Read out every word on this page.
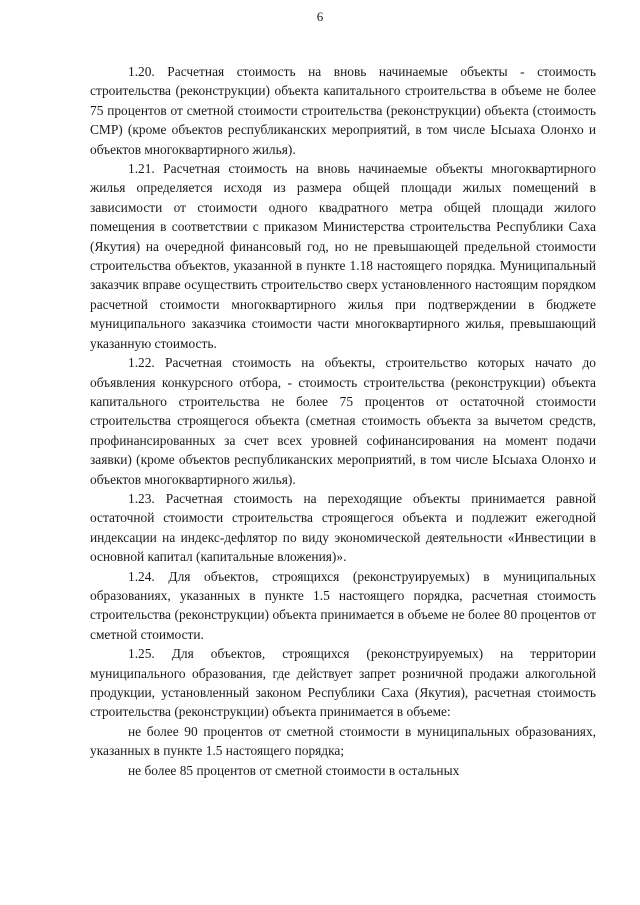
6

1.20. Расчетная стоимость на вновь начинаемые объекты - стоимость строительства (реконструкции) объекта капитального строительства в объеме не более 75 процентов от сметной стоимости строительства (реконструкции) объекта (стоимость СМР) (кроме объектов республиканских мероприятий, в том числе Ысыаха Олонхо и объектов многоквартирного жилья).

1.21. Расчетная стоимость на вновь начинаемые объекты многоквартирного жилья определяется исходя из размера общей площади жилых помещений в зависимости от стоимости одного квадратного метра общей площади жилого помещения в соответствии с приказом Министерства строительства Республики Саха (Якутия) на очередной финансовый год, но не превышающей предельной стоимости строительства объектов, указанной в пункте 1.18 настоящего порядка. Муниципальный заказчик вправе осуществить строительство сверх установленного настоящим порядком расчетной стоимости многоквартирного жилья при подтверждении в бюджете муниципального заказчика стоимости части многоквартирного жилья, превышающий указанную стоимость.

1.22. Расчетная стоимость на объекты, строительство которых начато до объявления конкурсного отбора, - стоимость строительства (реконструкции) объекта капитального строительства не более 75 процентов от остаточной стоимости строительства строящегося объекта (сметная стоимость объекта за вычетом средств, профинансированных за счет всех уровней софинансирования на момент подачи заявки) (кроме объектов республиканских мероприятий, в том числе Ысыаха Олонхо и объектов многоквартирного жилья).

1.23. Расчетная стоимость на переходящие объекты принимается равной остаточной стоимости строительства строящегося объекта и подлежит ежегодной индексации на индекс-дефлятор по виду экономической деятельности «Инвестиции в основной капитал (капитальные вложения)».

1.24. Для объектов, строящихся (реконструируемых) в муниципальных образованиях, указанных в пункте 1.5 настоящего порядка, расчетная стоимость строительства (реконструкции) объекта принимается в объеме не более 80 процентов от сметной стоимости.

1.25. Для объектов, строящихся (реконструируемых) на территории муниципального образования, где действует запрет розничной продажи алкогольной продукции, установленный законом Республики Саха (Якутия), расчетная стоимость строительства (реконструкции) объекта принимается в объеме:

не более 90 процентов от сметной стоимости в муниципальных образованиях, указанных в пункте 1.5 настоящего порядка;

не более 85 процентов от сметной стоимости в остальных
